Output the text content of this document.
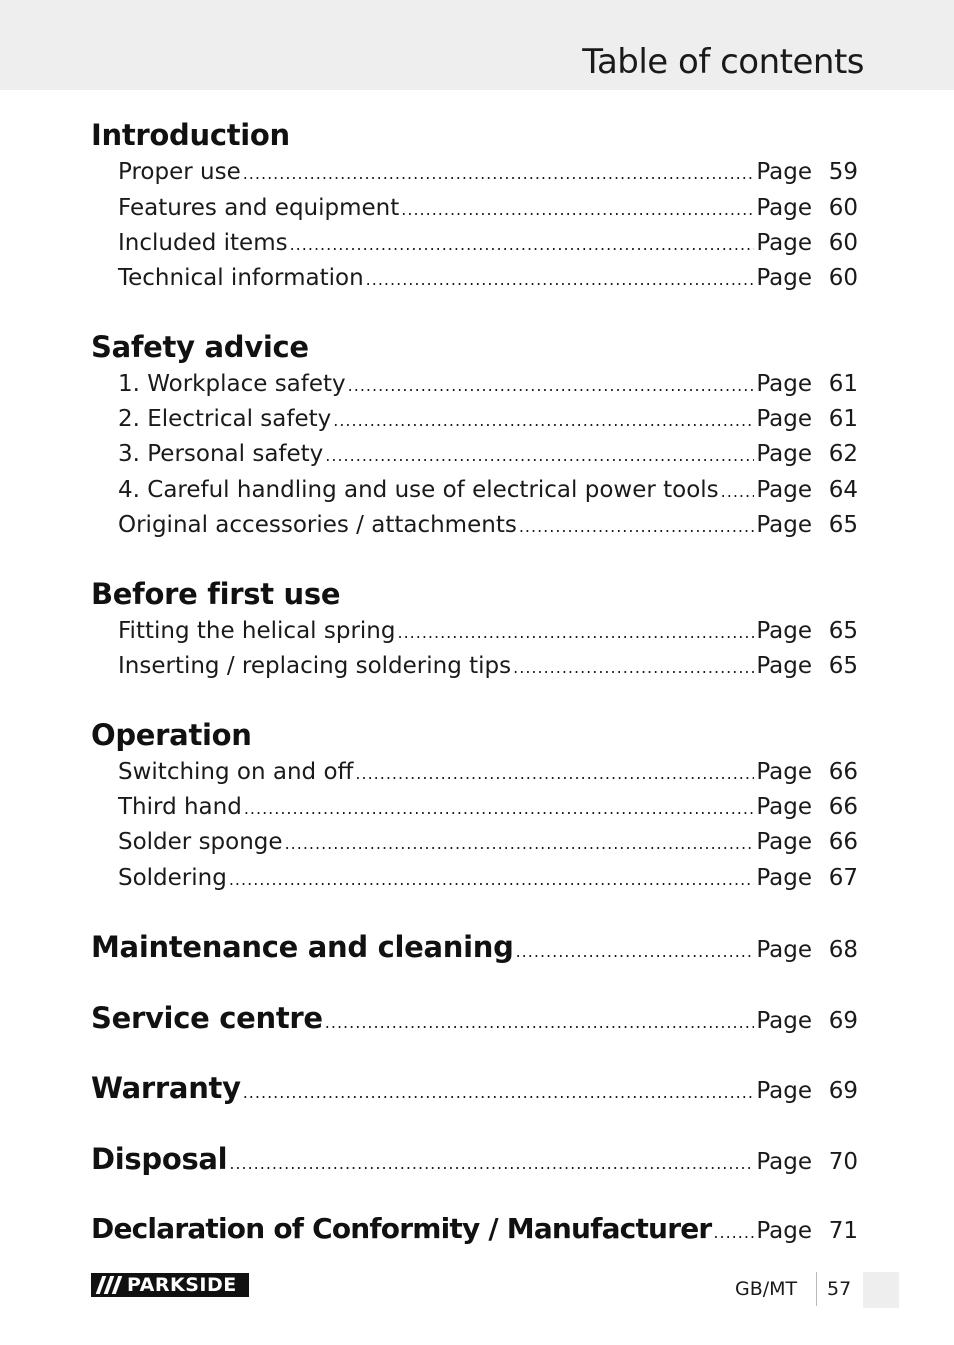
Table of contents
Introduction
Proper use .....	Page 59
Features and equipment .....	Page 60
Included items .....	Page 60
Technical information .....	Page 60
Safety advice
1. Workplace safety .....	Page 61
2. Electrical safety .....	Page 61
3. Personal safety .....	Page 62
4. Careful handling and use of electrical power tools ..... Page 64
Original accessories / attachments .....	Page 65
Before first use
Fitting the helical spring .....	Page 65
Inserting / replacing soldering tips .....	Page 65
Operation
Switching on and off .....	Page 66
Third hand .....	Page 66
Solder sponge .....	Page 66
Soldering .....	Page 67
Maintenance and cleaning .....	Page 68
Service centre .....	Page 69
Warranty .....	Page 69
Disposal .....	Page 70
Declaration of Conformity / Manufacturer ..... Page 71
PARKSIDE	GB/MT 57
